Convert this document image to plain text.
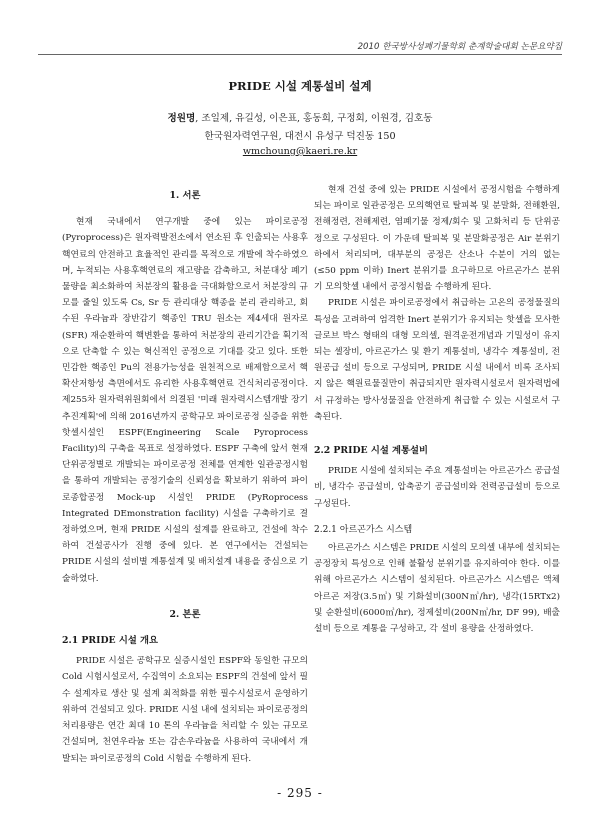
2010 한국방사성폐기물학회 춘계학술대회 논문요약집
PRIDE 시설 계통설비 설계
정원명, 조일제, 유길성, 이은표, 홍동희, 구정회, 이원경, 김호동
한국원자력연구원, 대전시 유성구 덕진동 150
wmchoung@kaeri.re.kr
1. 서론

현재 국내에서 연구개발 중에 있는 파이로공정(Pyroprocess)은 원자력발전소에서 연소된 후 인출되는 사용후핵연료의 안전하고 효율적인 관리를 목적으로 개발에 착수하였으며, 누적되는 사용후핵연료의 재고량을 감축하고, 처분대상 폐기물량을 최소화하여 처분장의 활용을 극대화함으로서 처분장의 규모를 줄일 있도록 Cs, Sr 등 관리대상 핵종을 분리 관리하고, 회수된 우라늄과 장반감기 핵종인 TRU 원소는 제4세대 원자로(SFR) 재순환하여 핵변환을 통하여 처분장의 관리기간을 획기적으로 단축할 수 있는 혁신적인 공정으로 기대를 갖고 있다. 또한 민감한 핵종인 Pu의 전용가능성을 원천적으로 배제함으로서 핵확산저항성 측면에서도 유리한 사용후핵연료 건식처리공정이다. 제255차 원자력위원회에서 의결된 '미래 원자력시스템개발 장기 추진계획'에 의해 2016년까지 공학규모 파이로공정 실증을 위한 핫셀시설인 ESPF(Engineering Scale Pyroprocess Facility)의 구축을 목표로 설정하였다. ESPF 구축에 앞서 현재 단위공정별로 개발되는 파이로공정 전체를 연계한 일관공정시험을 통하여 개발되는 공정기술의 신뢰성을 확보하기 위하여 파이로종합공정 Mock-up 시설인 PRIDE (PyRoprocess Integrated DEmonstration facility) 시설을 구축하기로 결정하였으며, 현재 PRIDE 시설의 설계를 완료하고, 건설에 착수하여 건설공사가 진행 중에 있다. 본 연구에서는 건설되는 PRIDE 시설의 설비별 계통설계 및 배치설계 내용을 중심으로 기술하였다.

2. 본론
2.1 PRIDE 시설 개요

PRIDE 시설은 공학규모 실증시설인 ESPF와 동일한 규모의 Cold 시험시설로서, 수집역이 소요되는 ESPF의 건설에 앞서 필수 설계자료 생산 및 설계 최적화를 위한 필수시설로서 운영하기 위하여 건설되고 있다. PRIDE 시설 내에 설치되는 파이로공정의 처리용량은 연간 최대 10 톤의 우라늄을 처리할 수 있는 규모로 건설되며, 천연우라늄 또는 감손우라늄을 사용하여 국내에서 개발되는 파이로공정의 Cold 시험을 수행하게 된다.

현재 건설 중에 있는 PRIDE 시설에서 공정시험을 수행하게 되는 파이로 일관공정은 모의핵연료 탈피복 및 분말화, 전해환원, 전해정련, 전해제련, 염폐기물 정제/회수 및 고화처리 등 단위공정으로 구성된다. 이 가운데 탈피복 및 분말화공정은 Air 분위기 하에서 처리되며, 대부분의 공정은 산소나 수분이 거의 없는(≤50 ppm 이하) Inert 분위기를 요구하므로 아르곤가스 분위기 모의핫셀 내에서 공정시험을 수행하게 된다.

PRIDE 시설은 파이로공정에서 취급하는 고온의 공정물질의 특성을 고려하여 엄격한 Inert 분위기가 유지되는 핫셀을 모사한 글로브 박스 형태의 대형 모의셀, 원격운전개념과 기밀성이 유지되는 셀장비, 아르곤가스 및 환기 계통설비, 냉각수 계통설비, 전원공급 설비 등으로 구성되며, PRIDE 시설 내에서 비록 조사되지 않은 핵원료물질만이 취급되지만 원자력시설로서 원자력법에서 규정하는 방사성물질을 안전하게 취급할 수 있는 시설로서 구축된다.

2.2 PRIDE 시설 계통설비

PRIDE 시설에 설치되는 주요 계통설비는 아르곤가스 공급설비, 냉각수 공급설비, 압축공기 공급설비와 전력공급설비 등으로 구성된다.

2.2.1 아르곤가스 시스템

아르곤가스 시스템은 PRIDE 시설의 모의셀 내부에 설치되는 공정장치 특성으로 인해 불활성 분위기를 유지하여야 한다. 이를 위해 아르곤가스 시스템이 설치된다. 아르곤가스 시스템은 액체아르곤 저장(3.5㎥) 및 기화설비(300N㎥/hr), 냉각(15RTx2) 및 순환설비(6000㎥/hr), 정제설비(200N㎥/hr, DF 99), 배출설비 등으로 계통을 구성하고, 각 설비 용량을 산정하였다.

- 295 -
